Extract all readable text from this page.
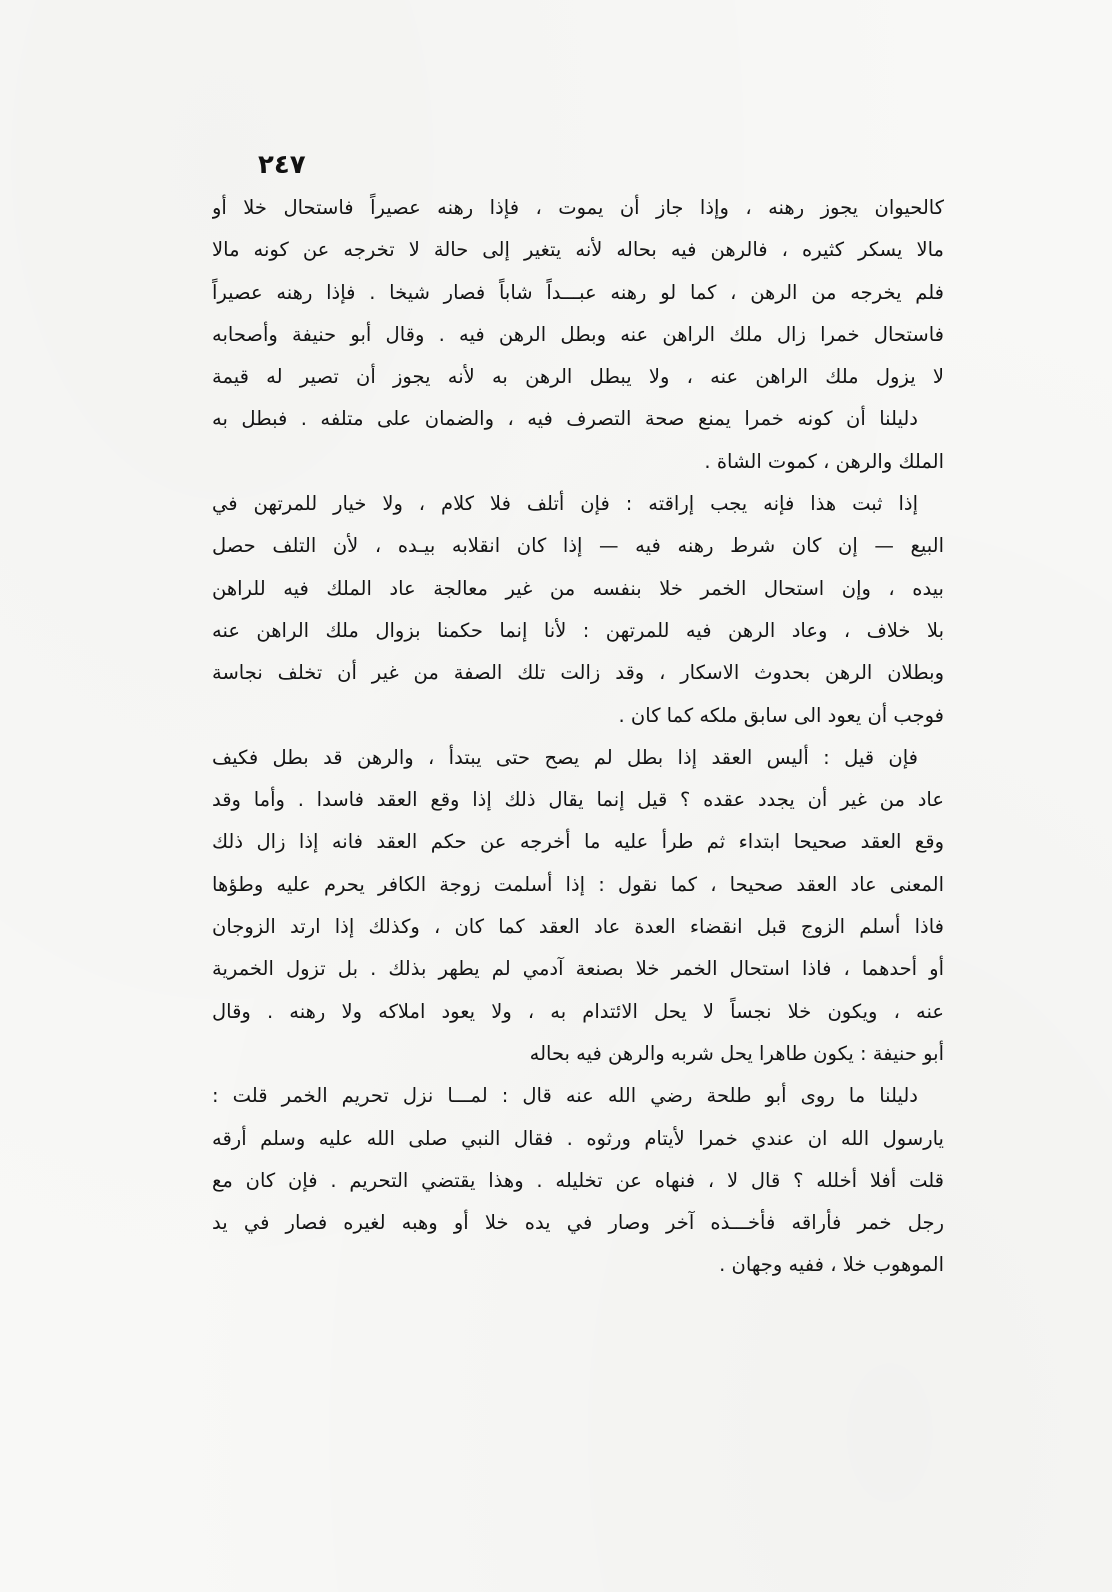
٢٤٧
كالحيوان يجوز رهنه ، وإذا جاز أن يموت ، فإذا رهنه عصيراً فاستحال خلا أو
مالا يسكر كثيره ، فالرهن فيه بحاله لأنه يتغير إلى حالة لا تخرجه عن كونه مالا
فلم يخرجه من الرهن ، كما لو رهنه عبـــداً شاباً فصار شيخا . فإذا رهنه عصيراً
فاستحال خمرا زال ملك الراهن عنه وبطل الرهن فيه . وقال أبو حنيفة وأصحابه
لا يزول ملك الراهن عنه ، ولا يبطل الرهن به لأنه يجوز أن تصير له قيمة
دليلنا أن كونه خمرا يمنع صحة التصرف فيه ، والضمان على متلفه . فبطل به
الملك والرهن ، كموت الشاة .
إذا ثبت هذا فإنه يجب إراقته : فإن أتلف فلا كلام ، ولا خيار للمرتهن في
البيع — إن كان شرط رهنه فيه — إذا كان انقلابه بيـده ، لأن التلف حصل
بيده ، وإن استحال الخمر خلا بنفسه من غير معالجة عاد الملك فيه للراهن
بلا خلاف ، وعاد الرهن فيه للمرتهن : لأنا إنما حكمنا بزوال ملك الراهن عنه
وبطلان الرهن بحدوث الاسكار ، وقد زالت تلك الصفة من غير أن تخلف نجاسة
فوجب أن يعود الى سابق ملكه كما كان .
فإن قيل : أليس العقد إذا بطل لم يصح حتى يبتدأ ، والرهن قد بطل فكيف
عاد من غير أن يجدد عقده ؟ قيل إنما يقال ذلك إذا وقع العقد فاسدا . وأما وقد
وقع العقد صحيحا ابتداء ثم طرأ عليه ما أخرجه عن حكم العقد فانه إذا زال ذلك
المعنى عاد العقد صحيحا ، كما نقول : إذا أسلمت زوجة الكافر يحرم عليه وطؤها
فاذا أسلم الزوج قبل انقضاء العدة عاد العقد كما كان ، وكذلك إذا ارتد الزوجان
أو أحدهما ، فاذا استحال الخمر خلا بصنعة آدمي لم يطهر بذلك . بل تزول الخمرية
عنه ، ويكون خلا نجساً لا يحل الائتدام به ، ولا يعود املاكه ولا رهنه . وقال
أبو حنيفة : يكون طاهرا يحل شربه والرهن فيه بحاله
دليلنا ما روى أبو طلحة رضي الله عنه قال : لمـــا نزل تحريم الخمر قلت :
يارسول الله ان عندي خمرا لأيتام ورثوه . فقال النبي صلى الله عليه وسلم أرقه
قلت أفلا أخلله ؟ قال لا ، فنهاه عن تخليله . وهذا يقتضي التحريم . فإن كان مع
رجل خمر فأراقه فأخـــذه آخر وصار في يده خلا أو وهبه لغيره فصار في يد
الموهوب خلا ، ففيه وجهان .
